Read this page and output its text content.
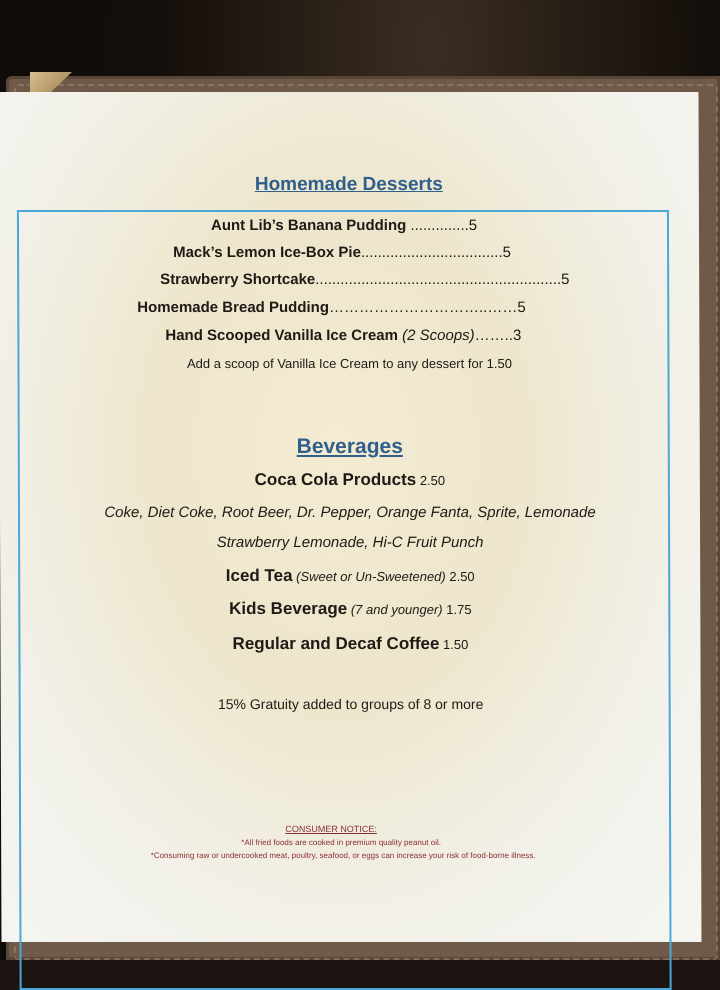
Homemade Desserts
Aunt Lib’s Banana Pudding ..............5
Mack’s Lemon Ice-Box Pie..................................5
Strawberry Shortcake...........................................................5
Homemade Bread Pudding…………………………..……5
Hand Scooped Vanilla Ice Cream (2 Scoops)……..3
Add a scoop of Vanilla Ice Cream to any dessert for 1.50
Beverages
Coca Cola Products 2.50
Coke, Diet Coke, Root Beer, Dr. Pepper, Orange Fanta, Sprite, Lemonade
Strawberry Lemonade, Hi-C Fruit Punch
Iced Tea (Sweet or Un-Sweetened) 2.50
Kids Beverage (7 and younger) 1.75
Regular and Decaf Coffee 1.50
15% Gratuity added to groups of 8 or more
CONSUMER NOTICE:
*All fried foods are cooked in premium quality peanut oil.
*Consuming raw or undercooked meat, poultry, seafood, or eggs can increase your risk of food-borne illness.
